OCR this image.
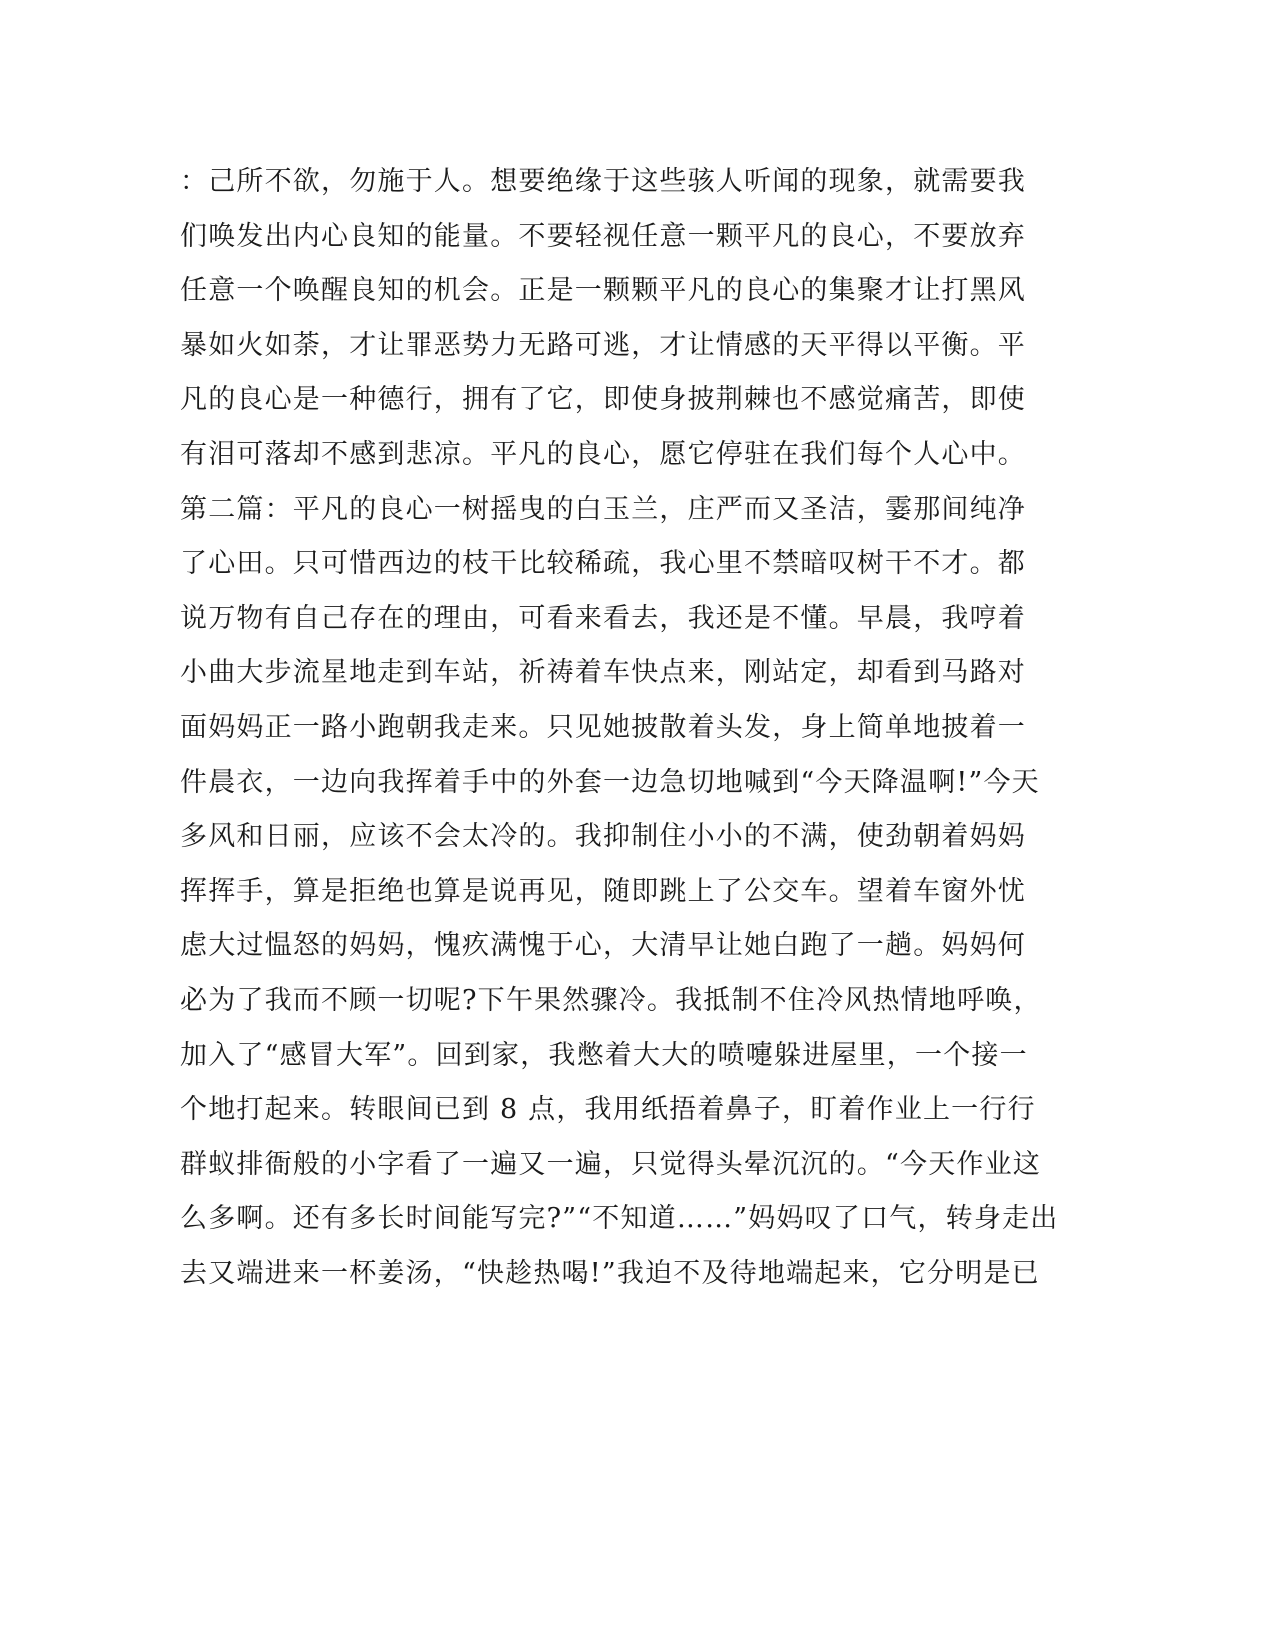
：己所不欲，勿施于人。想要绝缘于这些骇人听闻的现象，就需要我
们唤发出内心良知的能量。不要轻视任意一颗平凡的良心，不要放弃
任意一个唤醒良知的机会。正是一颗颗平凡的良心的集聚才让打黑风
暴如火如荼，才让罪恶势力无路可逃，才让情感的天平得以平衡。平
凡的良心是一种德行，拥有了它，即使身披荆棘也不感觉痛苦，即使
有泪可落却不感到悲凉。平凡的良心，愿它停驻在我们每个人心中。
第二篇：平凡的良心一树摇曳的白玉兰，庄严而又圣洁，霎那间纯净
了心田。只可惜西边的枝干比较稀疏，我心里不禁暗叹树干不才。都
说万物有自己存在的理由，可看来看去，我还是不懂。早晨，我哼着
小曲大步流星地走到车站，祈祷着车快点来，刚站定，却看到马路对
面妈妈正一路小跑朝我走来。只见她披散着头发，身上简单地披着一
件晨衣，一边向我挥着手中的外套一边急切地喊到“今天降温啊!”今天
多风和日丽，应该不会太冷的。我抑制住小小的不满，使劲朝着妈妈
挥挥手，算是拒绝也算是说再见，随即跳上了公交车。望着车窗外忧
虑大过愠怒的妈妈，愧疚满愧于心，大清早让她白跑了一趟。妈妈何
必为了我而不顾一切呢?下午果然骤冷。我抵制不住冷风热情地呼唤，
加入了“感冒大军”。回到家，我憋着大大的喷嚏躲进屋里，一个接一
个地打起来。转眼间已到 8 点，我用纸捂着鼻子，盯着作业上一行行
群蚁排衙般的小字看了一遍又一遍，只觉得头晕沉沉的。“今天作业这
么多啊。还有多长时间能写完?”“不知道……”妈妈叹了口气，转身走出
去又端进来一杯姜汤，“快趁热喝!”我迫不及待地端起来，它分明是已
